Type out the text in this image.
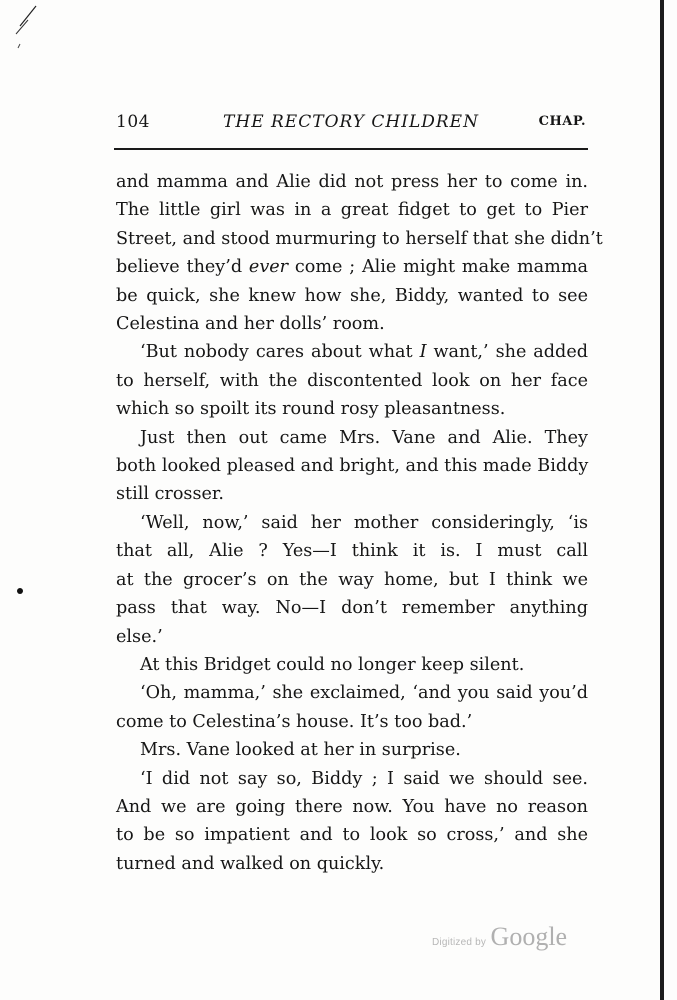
104	THE RECTORY CHILDREN	CHAP.
and mamma and Alie did not press her to come in.
The little girl was in a great fidget to get to Pier
Street, and stood murmuring to herself that she didn’t
believe they’d ever come ; Alie might make mamma
be quick, she knew how she, Biddy, wanted to see
Celestina and her dolls’ room.
‘But nobody cares about what I want,’ she added
to herself, with the discontented look on her face
which so spoilt its round rosy pleasantness.
Just then out came Mrs. Vane and Alie. They
both looked pleased and bright, and this made Biddy
still crosser.
‘Well, now,’ said her mother consideringly, ‘is
that all, Alie ? Yes—I think it is. I must call
at the grocer’s on the way home, but I think we
pass that way. No—I don’t remember anything
else.’
At this Bridget could no longer keep silent.
‘Oh, mamma,’ she exclaimed, ‘and you said you’d
come to Celestina’s house. It’s too bad.’
Mrs. Vane looked at her in surprise.
‘I did not say so, Biddy ; I said we should see.
And we are going there now. You have no reason
to be so impatient and to look so cross,’ and she
turned and walked on quickly.
Digitized by Google
